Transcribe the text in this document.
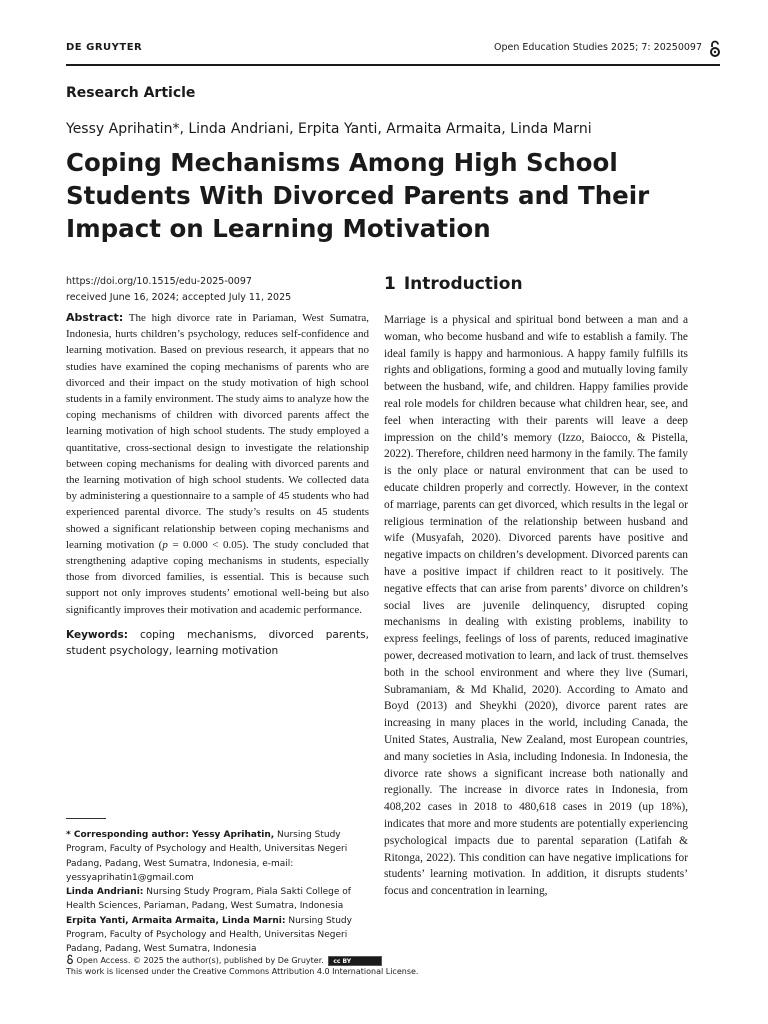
DE GRUYTER	Open Education Studies 2025; 7: 20250097
Research Article
Yessy Aprihatin*, Linda Andriani, Erpita Yanti, Armaita Armaita, Linda Marni
Coping Mechanisms Among High School Students With Divorced Parents and Their Impact on Learning Motivation
https://doi.org/10.1515/edu-2025-0097
received June 16, 2024; accepted July 11, 2025

Abstract: The high divorce rate in Pariaman, West Sumatra, Indonesia, hurts children’s psychology, reduces self-confidence and learning motivation. Based on previous research, it appears that no studies have examined the coping mechanisms of parents who are divorced and their impact on the study motivation of high school students in a family environment. The study aims to analyze how the coping mechanisms of children with divorced parents affect the learning motivation of high school students. The study employed a quantitative, cross-sectional design to investigate the relationship between coping mechanisms for dealing with divorced parents and the learning motivation of high school students. We collected data by administering a questionnaire to a sample of 45 students who had experienced parental divorce. The study’s results on 45 students showed a significant relationship between coping mechanisms and learning motivation (p = 0.000 < 0.05). The study concluded that strengthening adaptive coping mechanisms in students, especially those from divorced families, is essential. This is because such support not only improves students’ emotional well-being but also significantly improves their motivation and academic performance.

Keywords: coping mechanisms, divorced parents, student psychology, learning motivation

* Corresponding author: Yessy Aprihatin, Nursing Study Program, Faculty of Psychology and Health, Universitas Negeri Padang, Padang, West Sumatra, Indonesia, e-mail: yessyaprihatin1@gmail.com
Linda Andriani: Nursing Study Program, Piala Sakti College of Health Sciences, Pariaman, Padang, West Sumatra, Indonesia
Erpita Yanti, Armaita Armaita, Linda Marni: Nursing Study Program, Faculty of Psychology and Health, Universitas Negeri Padang, Padang, West Sumatra, Indonesia
1 Introduction

Marriage is a physical and spiritual bond between a man and a woman, who become husband and wife to establish a family. The ideal family is happy and harmonious. A happy family fulfills its rights and obligations, forming a good and mutually loving family between the husband, wife, and children. Happy families provide real role models for children because what children hear, see, and feel when interacting with their parents will leave a deep impression on the child’s memory (Izzo, Baiocco, & Pistella, 2022). Therefore, children need harmony in the family. The family is the only place or natural environment that can be used to educate children properly and correctly. However, in the context of marriage, parents can get divorced, which results in the legal or religious termination of the relationship between husband and wife (Musyafah, 2020). Divorced parents have positive and negative impacts on children’s development. Divorced parents can have a positive impact if children react to it positively. The negative effects that can arise from parents’ divorce on children’s social lives are juvenile delinquency, disrupted coping mechanisms in dealing with existing problems, inability to express feelings, feelings of loss of parents, reduced imaginative power, decreased motivation to learn, and lack of trust. themselves both in the school environment and where they live (Sumari, Subramaniam, & Md Khalid, 2020). According to Amato and Boyd (2013) and Sheykhi (2020), divorce parent rates are increasing in many places in the world, including Canada, the United States, Australia, New Zealand, most European countries, and many societies in Asia, including Indonesia. In Indonesia, the divorce rate shows a significant increase both nationally and regionally. The increase in divorce rates in Indonesia, from 408,202 cases in 2018 to 480,618 cases in 2019 (up 18%), indicates that more and more students are potentially experiencing psychological impacts due to parental separation (Latifah & Ritonga, 2022). This condition can have negative implications for students’ learning motivation. In addition, it disrupts students’ focus and concentration in learning,

Open Access. © 2025 the author(s), published by De Gruyter. cc BY This work is licensed under the Creative Commons Attribution 4.0 International License.
